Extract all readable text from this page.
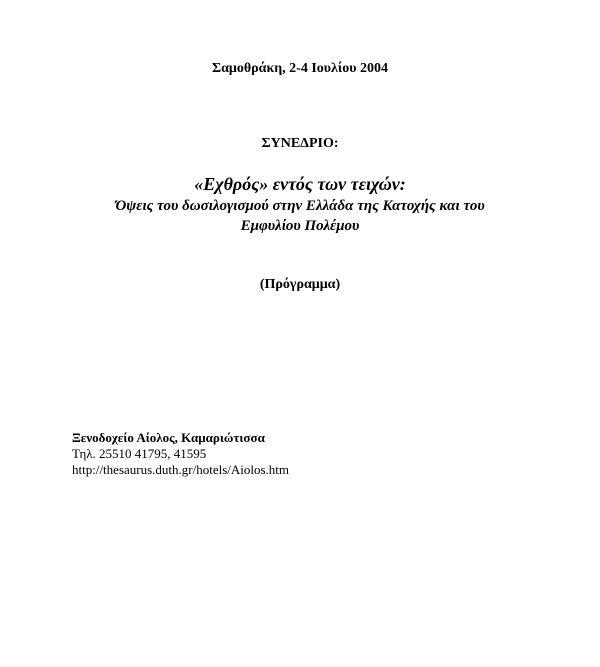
Σαμοθράκη, 2-4 Ιουλίου 2004
ΣΥΝΕΔΡΙΟ:
«Εχθρός» εντός των τειχών:
Όψεις του δωσιλογισμού στην Ελλάδα της Κατοχής και του
Εμφυλίου Πολέμου
(Πρόγραμμα)
Ξενοδοχείο Αίολος, Καμαριώτισσα
Τηλ. 25510 41795, 41595
http://thesaurus.duth.gr/hotels/Aiolos.htm
